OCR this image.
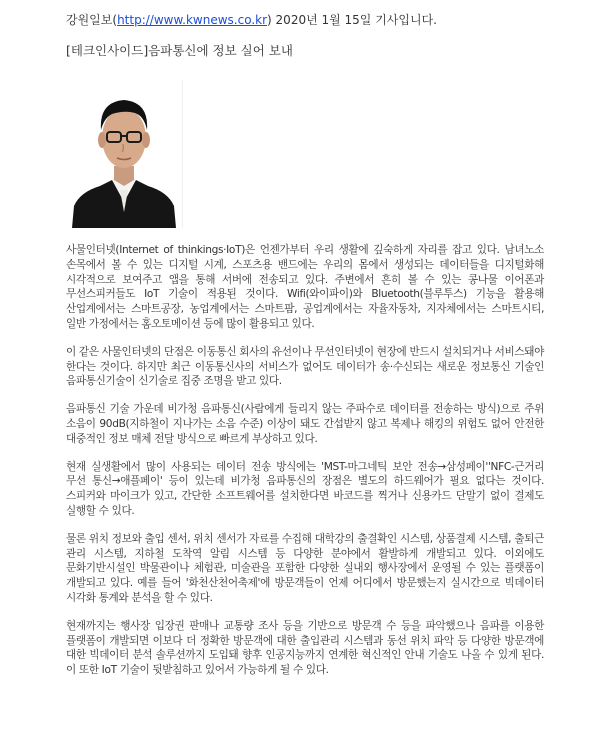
강원일보(http://www.kwnews.co.kr) 2020년 1월 15일 기사입니다.
[테크인사이드]음파통신에 정보 실어 보내

사물인터넷(Internet of thinkings·IoT)은 언젠가부터 우리 생활에 깊숙하게 자리를 잡고 있다. 남녀노소 손목에서 볼 수 있는 디지털 시계, 스포츠용 밴드에는 우리의 몸에서 생성되는 데이터들을 디지털화해 시각적으로 보여주고 앱을 통해 서버에 전송되고 있다. 주변에서 흔히 볼 수 있는 콩나물 이어폰과 무선스피커들도 IoT 기술이 적용된 것이다. Wifi(와이파이)와 Bluetooth(블루투스) 기능을 활용해 산업계에서는 스마트공장, 농업계에서는 스마트팜, 공업계에서는 자율자동차, 지자체에서는 스마트시티, 일반 가정에서는 홈오토메이션 등에 많이 활용되고 있다.

이 같은 사물인터넷의 단점은 이동통신 회사의 유선이나 무선인터넷이 현장에 반드시 설치되거나 서비스돼야 한다는 것이다. 하지만 최근 이동통신사의 서비스가 없어도 데이터가 송·수신되는 새로운 정보통신 기술인 음파통신기술이 신기술로 집중 조명을 받고 있다.

음파통신 기술 가운데 비가청 음파통신(사람에게 들리지 않는 주파수로 데이터를 전송하는 방식)으로 주위 소음이 90dB(지하철이 지나가는 소음 수준) 이상이 돼도 간섭받지 않고 복제나 해킹의 위험도 없어 안전한 대중적인 정보 매체 전달 방식으로 빠르게 부상하고 있다.

현재 실생활에서 많이 사용되는 데이터 전송 방식에는 'MST-마그네틱 보안 전송→삼성페이''NFC-근거리 무선 통신→애플페이' 등이 있는데 비가청 음파통신의 장점은 별도의 하드웨어가 필요 없다는 것이다. 스피커와 마이크가 있고, 간단한 소프트웨어를 설치한다면 바코드를 찍거나 신용카드 단말기 없이 결제도 실행할 수 있다.

물론 위치 정보와 출입 센서, 위치 센서가 자료를 수집해 대학강의 출결확인 시스템, 상품결제 시스템, 출퇴근 관리 시스템, 지하철 도착역 알림 시스템 등 다양한 분야에서 활발하게 개발되고 있다. 이외에도 문화기반시설인 박물관이나 체험관, 미술관을 포함한 다양한 실내외 행사장에서 운영될 수 있는 플랫폼이 개발되고 있다. 예를 들어 '화천산천어축제'에 방문객들이 언제 어디에서 방문했는지 실시간으로 빅데이터 시각화 통계와 분석을 할 수 있다.

현재까지는 행사장 입장권 판매나 교통량 조사 등을 기반으로 방문객 수 등을 파악했으나 음파를 이용한 플랫폼이 개발되면 이보다 더 정확한 방문객에 대한 출입관리 시스템과 동선 위치 파악 등 다양한 방문객에 대한 빅데이터 분석 솔루션까지 도입돼 향후 인공지능까지 연계한 혁신적인 안내 기술도 나올 수 있게 된다. 이 또한 IoT 기술이 뒷받침하고 있어서 가능하게 될 수 있다.
